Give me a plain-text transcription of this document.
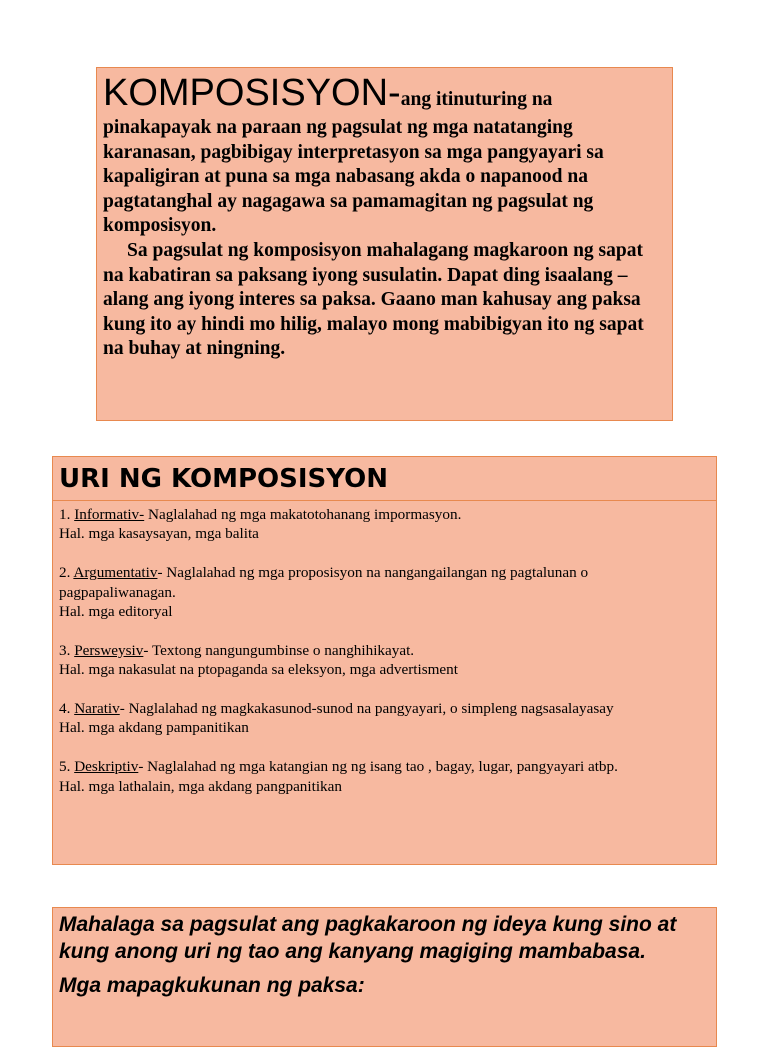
KOMPOSISYON-ang itinuturing na

pinakapayak na paraan ng pagsulat ng mga natatanging karanasan, pagbibigay interpretasyon sa mga pangyayari sa kapaligiran at puna sa mga nabasang akda o napanood na pagtatanghal ay nagagawa sa pamamagitan ng pagsulat ng komposisyon.
Sa pagsulat ng komposisyon mahalagang magkaroon ng sapat na kabatiran sa paksang iyong susulatin. Dapat ding isaalang – alang ang iyong interes sa paksa. Gaano man kahusay ang paksa kung ito ay hindi mo hilig, malayo mong mabibigyan ito ng sapat na buhay at ningning.
URI NG KOMPOSISYON
1. Informativ- Naglalahad ng mga makatotohanang impormasyon.
Hal. mga kasaysayan, mga balita
2. Argumentativ- Naglalahad ng mga proposisyon na nangangailangan ng pagtalunan o pagpapaliwanagan.
Hal. mga editoryal
3. Persweysiv- Textong nangungumbinse o nanghihikayat.
Hal. mga nakasulat na ptopaganda sa eleksyon, mga advertisment
4. Narativ- Naglalahad ng magkakasunod-sunod na pangyayari, o simpleng nagsasalayasay
Hal. mga akdang pampanitikan
5. Deskriptiv- Naglalahad ng mga katangian ng ng isang tao , bagay, lugar, pangyayari atbp.
Hal. mga lathalain, mga akdang pangpanitikan

Mahalaga sa pagsulat ang pagkakaroon ng ideya kung sino at kung anong uri ng tao ang kanyang magiging mambabasa.

Mga mapagkukunan ng paksa:
